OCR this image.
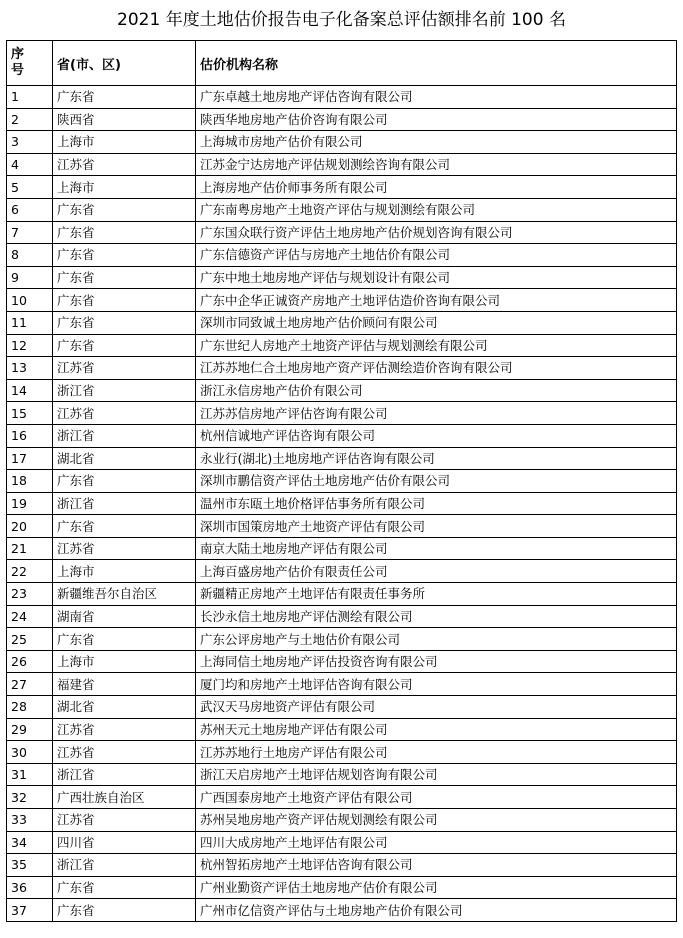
2021 年度土地估价报告电子化备案总评估额排名前 100 名
序
号	省(市、区)	估价机构名称
1	广东省	广东卓越土地房地产评估咨询有限公司
2	陕西省	陕西华地房地产估价咨询有限公司
3	上海市	上海城市房地产估价有限公司
4	江苏省	江苏金宁达房地产评估规划测绘咨询有限公司
5	上海市	上海房地产估价师事务所有限公司
6	广东省	广东南粤房地产土地资产评估与规划测绘有限公司
7	广东省	广东国众联行资产评估土地房地产估价规划咨询有限公司
8	广东省	广东信德资产评估与房地产土地估价有限公司
9	广东省	广东中地土地房地产评估与规划设计有限公司
10	广东省	广东中企华正诚资产房地产土地评估造价咨询有限公司
11	广东省	深圳市同致诚土地房地产估价顾问有限公司
12	广东省	广东世纪人房地产土地资产评估与规划测绘有限公司
13	江苏省	江苏苏地仁合土地房地产资产评估测绘造价咨询有限公司
14	浙江省	浙江永信房地产估价有限公司
15	江苏省	江苏苏信房地产评估咨询有限公司
16	浙江省	杭州信诚地产评估咨询有限公司
17	湖北省	永业行(湖北)土地房地产评估咨询有限公司
18	广东省	深圳市鹏信资产评估土地房地产估价有限公司
19	浙江省	温州市东瓯土地价格评估事务所有限公司
20	广东省	深圳市国策房地产土地资产评估有限公司
21	江苏省	南京大陆土地房地产评估有限公司
22	上海市	上海百盛房地产估价有限责任公司
23	新疆维吾尔自治区	新疆精正房地产土地评估有限责任事务所
24	湖南省	长沙永信土地房地产评估测绘有限公司
25	广东省	广东公评房地产与土地估价有限公司
26	上海市	上海同信土地房地产评估投资咨询有限公司
27	福建省	厦门均和房地产土地评估咨询有限公司
28	湖北省	武汉天马房地资产评估有限公司
29	江苏省	苏州天元土地房地产评估有限公司
30	江苏省	江苏苏地行土地房产评估有限公司
31	浙江省	浙江天启房地产土地评估规划咨询有限公司
32	广西壮族自治区	广西国泰房地产土地资产评估有限公司
33	江苏省	苏州吴地房地产资产评估规划测绘有限公司
34	四川省	四川大成房地产土地评估有限公司
35	浙江省	杭州智拓房地产土地评估咨询有限公司
36	广东省	广州业勤资产评估土地房地产估价有限公司
37	广东省	广州市亿信资产评估与土地房地产估价有限公司
